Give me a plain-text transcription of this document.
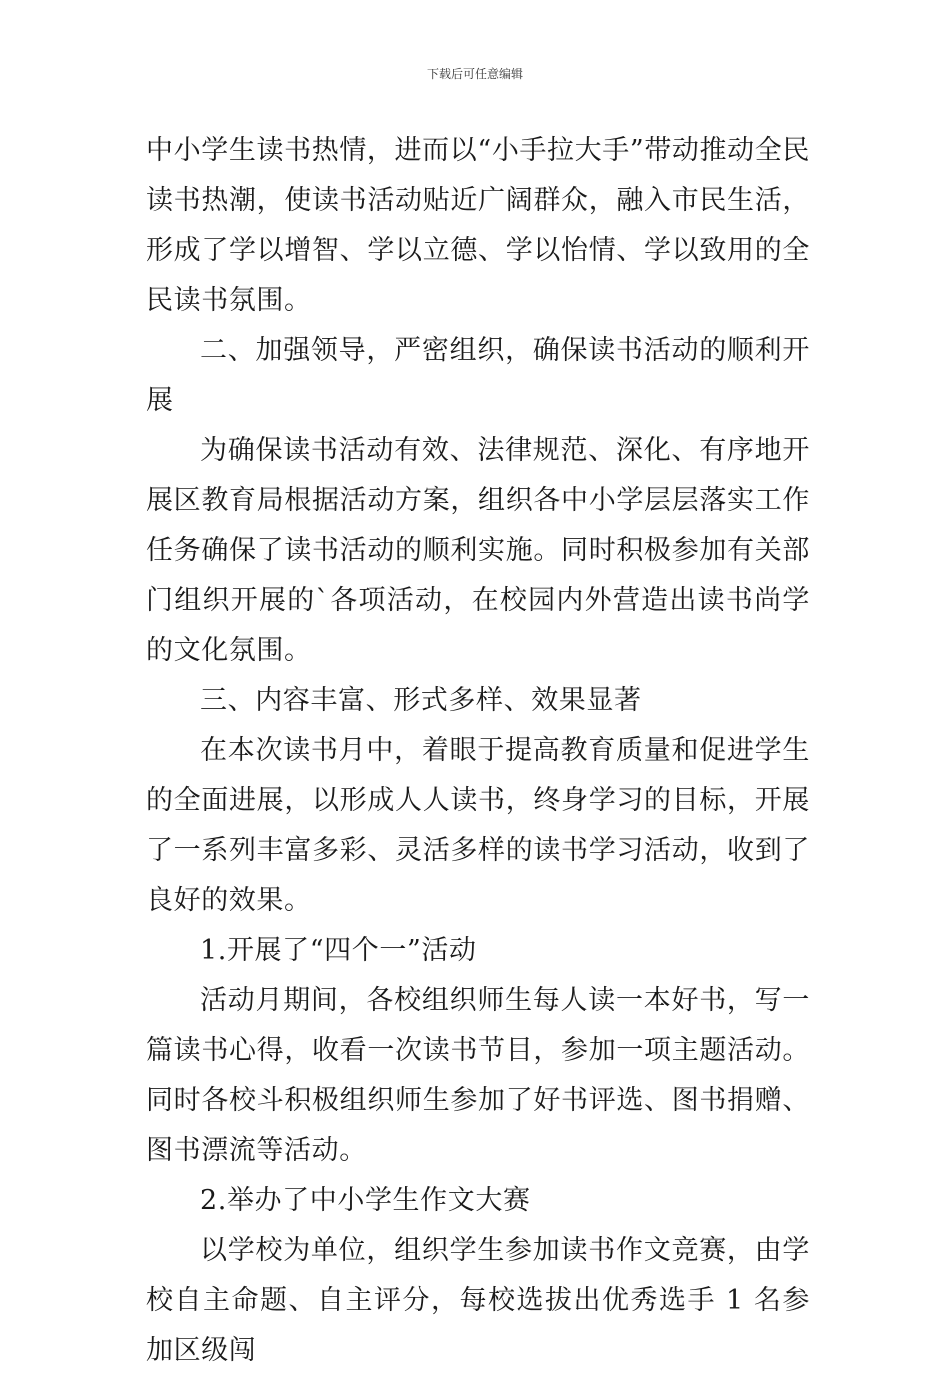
下载后可任意编辑

中小学生读书热情，进而以“小手拉大手”带动推动全民读书热潮，使读书活动贴近广阔群众，融入市民生活，形成了学以增智、学以立德、学以怡情、学以致用的全民读书氛围。

二、加强领导，严密组织，确保读书活动的顺利开展

为确保读书活动有效、法律规范、深化、有序地开展区教育局根据活动方案，组织各中小学层层落实工作任务确保了读书活动的顺利实施。同时积极参加有关部门组织开展的`各项活动，在校园内外营造出读书尚学的文化氛围。

三、内容丰富、形式多样、效果显著

在本次读书月中，着眼于提高教育质量和促进学生的全面进展，以形成人人读书，终身学习的目标，开展了一系列丰富多彩、灵活多样的读书学习活动，收到了良好的效果。

1.开展了“四个一”活动

活动月期间，各校组织师生每人读一本好书，写一篇读书心得，收看一次读书节目，参加一项主题活动。同时各校斗积极组织师生参加了好书评选、图书捐赠、图书漂流等活动。

2.举办了中小学生作文大赛

以学校为单位，组织学生参加读书作文竞赛，由学校自主命题、自主评分，每校选拔出优秀选手 1 名参加区级闯
